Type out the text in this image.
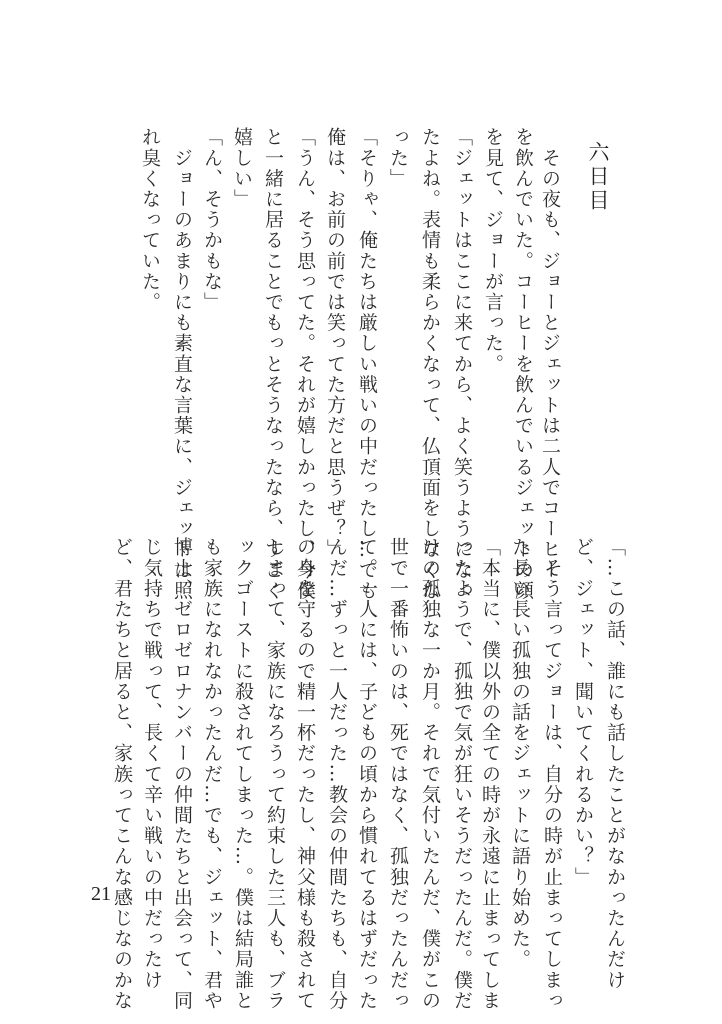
六日目
　その夜も、ジョーとジェットは二人でコーヒー
を飲んでいた。コーヒーを飲んでいるジェットの顔
を見て、ジョーが言った。
「ジェットはここに来てから、よく笑うようになっ
たよね。表情も柔らかくなって、仏頂面をしなくな
った」
「そりゃ、俺たちは厳しい戦いの中だったし…でも
俺は、お前の前では笑ってた方だと思うぜ？」
「うん、そう思ってた。それが嬉しかったし、今僕
と一緒に居ることでもっとそうなったなら、すごく
嬉しい」
「ん、そうかもな」
　ジョーのあまりにも素直な言葉に、ジェットは照
れ臭くなっていた。
「…この話、誰にも話したことがなかったんだけ
ど、ジェット、聞いてくれるかい？」
　そう言ってジョーは、自分の時が止まってしまっ
た長い長い孤独の話をジェットに語り始めた。
「本当に、僕以外の全ての時が永遠に止まってしま
ったようで、孤独で気が狂いそうだったんだ。僕だ
けの孤独な一か月。それで気付いたんだ、僕がこの
世で一番怖いのは、死ではなく、孤独だったんだっ
て。一人には、子どもの頃から慣れてるはずだった
んだ…ずっと一人だった…教会の仲間たちも、自分
の身を守るので精一杯だったし、神父様も殺されて
しまって、家族になろうって約束した三人も、ブラ
ックゴーストに殺されてしまった…。僕は結局誰と
も家族になれなかったんだ…でも、ジェット、君や
博士、ゼロゼロナンバーの仲間たちと出会って、同
じ気持ちで戦って、長くて辛い戦いの中だったけ
ど、君たちと居ると、家族ってこんな感じなのかな
21
